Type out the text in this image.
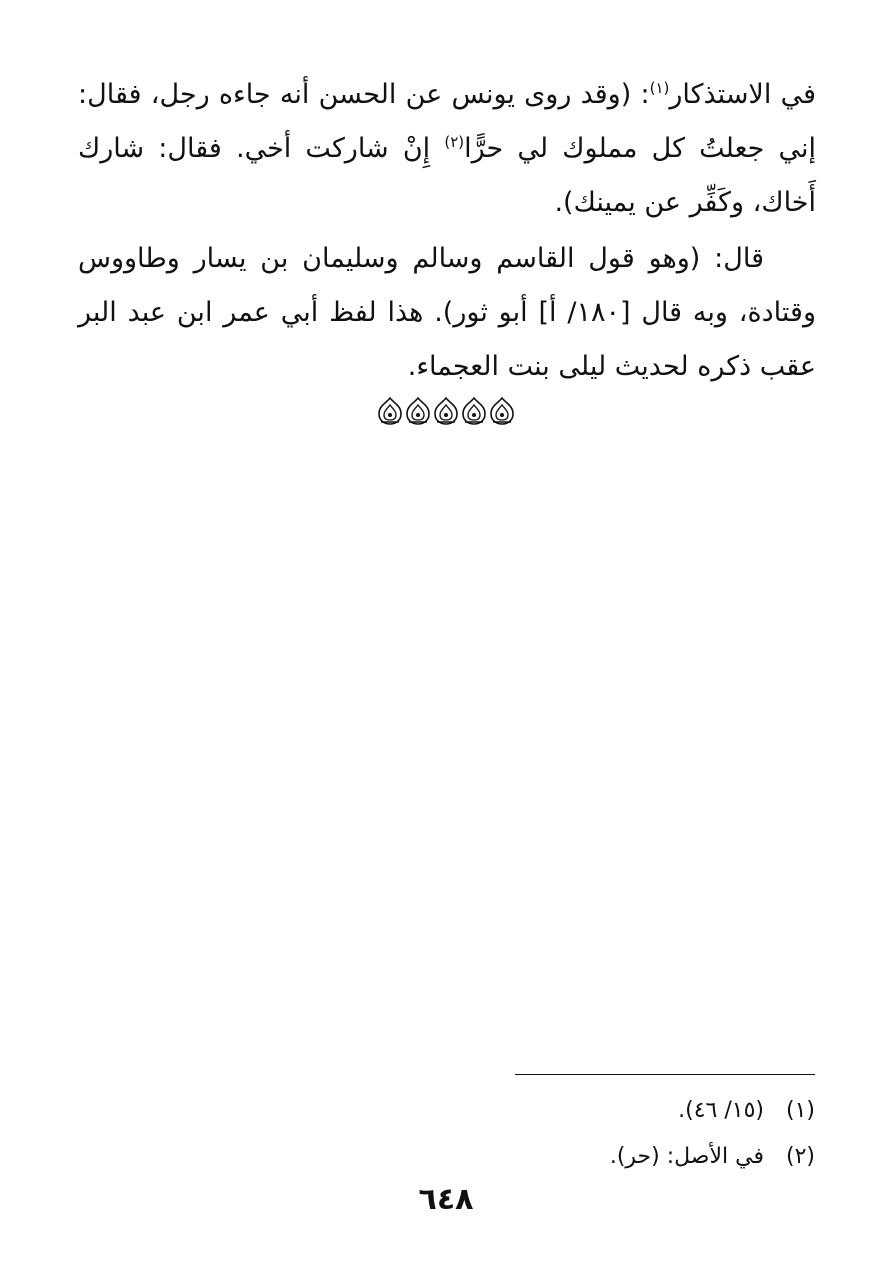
في الاستذكار$^{(١)}$: (وقد روى يونس عن الحسن أنه جاءه رجل، فقال: إني جعلتُ كل مملوك لي حرًّا$^{(٢)}$ إِنْ شاركت أخي. فقال: شارك أَخاك، وكَفِّر عن يمينك).

قال: (وهو قول القاسم وسالم وسليمان بن يسار وطاووس وقتادة، وبه قال [١٨٠/ أ] أبو ثور). هذا لفظ أبي عمر ابن عبد البر عقب ذكره لحديث ليلى بنت العجماء.

(١)(١٥/ ٤٦).
(٢)في الأصل: (حر).
٦٤٨
